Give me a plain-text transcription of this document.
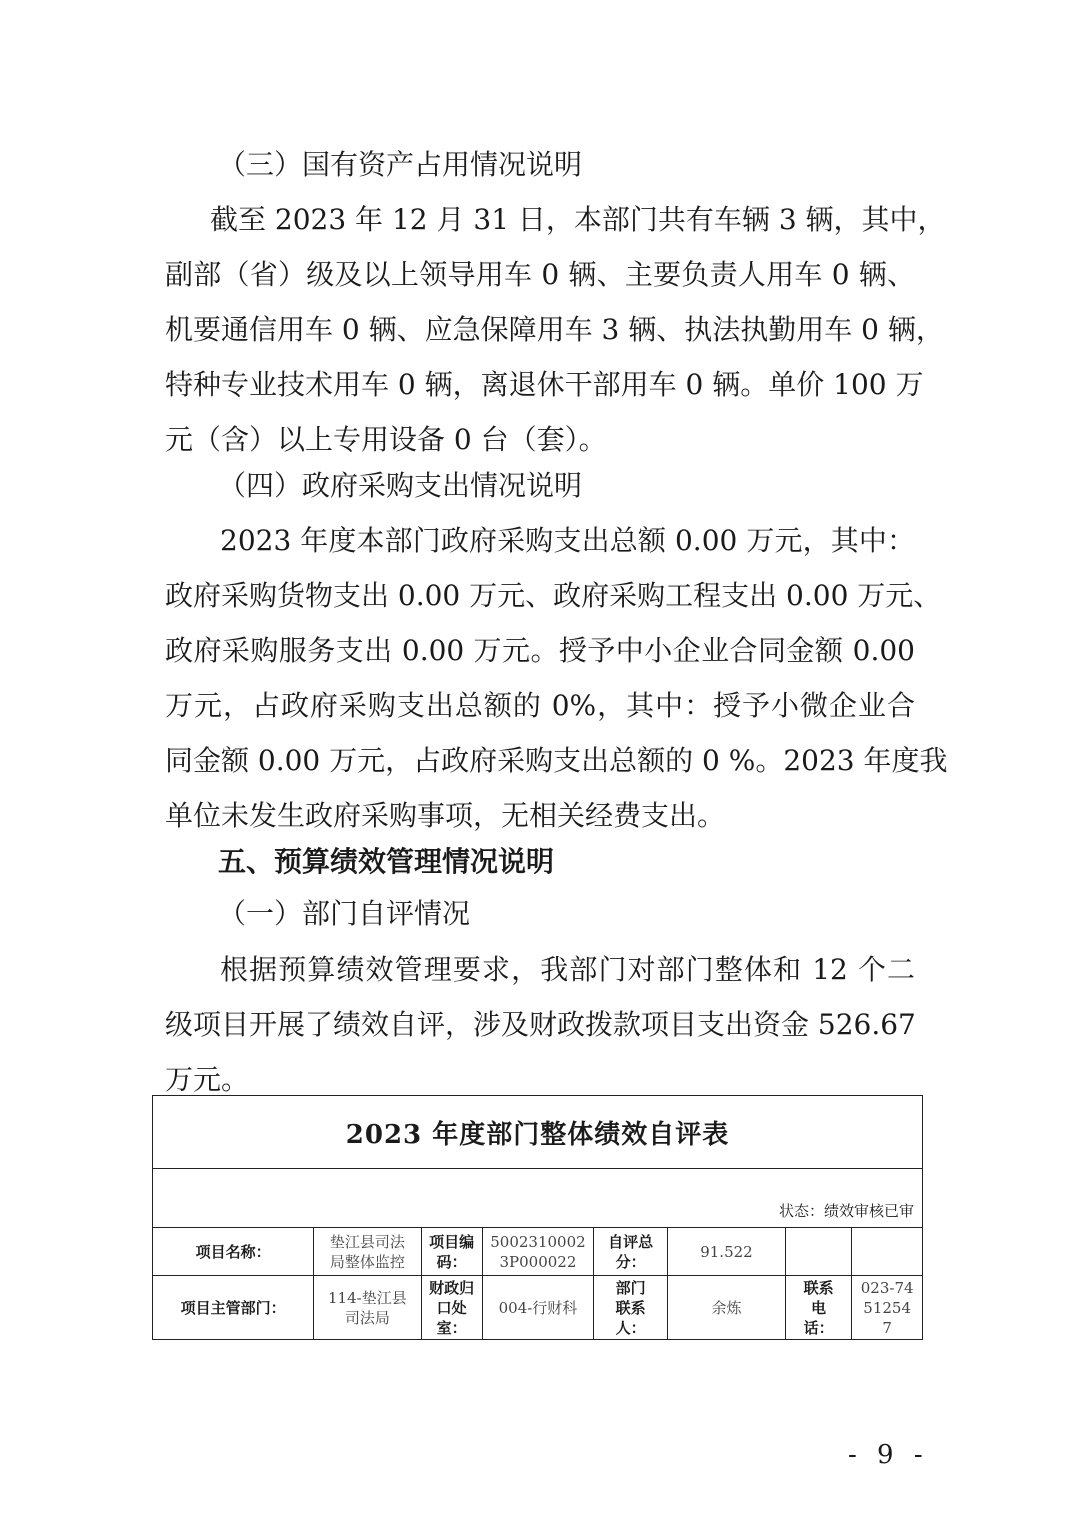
（三）国有资产占用情况说明

截至 2023 年 12 月 31 日，本部门共有车辆 3 辆，其中，
副部（省）级及以上领导用车 0 辆、主要负责人用车 0 辆、
机要通信用车 0 辆、应急保障用车 3 辆、执法执勤用车 0 辆，
特种专业技术用车 0 辆，离退休干部用车 0 辆。单价 100 万
元（含）以上专用设备 0 台（套）。

（四）政府采购支出情况说明

2023 年度本部门政府采购支出总额 0.00 万元，其中：
政府采购货物支出 0.00 万元、政府采购工程支出 0.00 万元、
政府采购服务支出 0.00 万元。授予中小企业合同金额 0.00
万元，占政府采购支出总额的 0%，其中：授予小微企业合
同金额 0.00 万元，占政府采购支出总额的 0 %。2023 年度我
单位未发生政府采购事项，无相关经费支出。

五、预算绩效管理情况说明

（一）部门自评情况

根据预算绩效管理要求，我部门对部门整体和 12 个二
级项目开展了绩效自评，涉及财政拨款项目支出资金 526.67
万元。
2023 年度部门整体绩效自评表							
状态：绩效审核已审							
项目名称：	垫江县司法局整体监控	项目编码：	50023100023P000022	自评总分：	91.522		
项目主管部门：	114-垫江县司法局	财政归口处室：	004-行财科	部门联系人：	余炼	联系电话：	023-74512547
- 9 -
